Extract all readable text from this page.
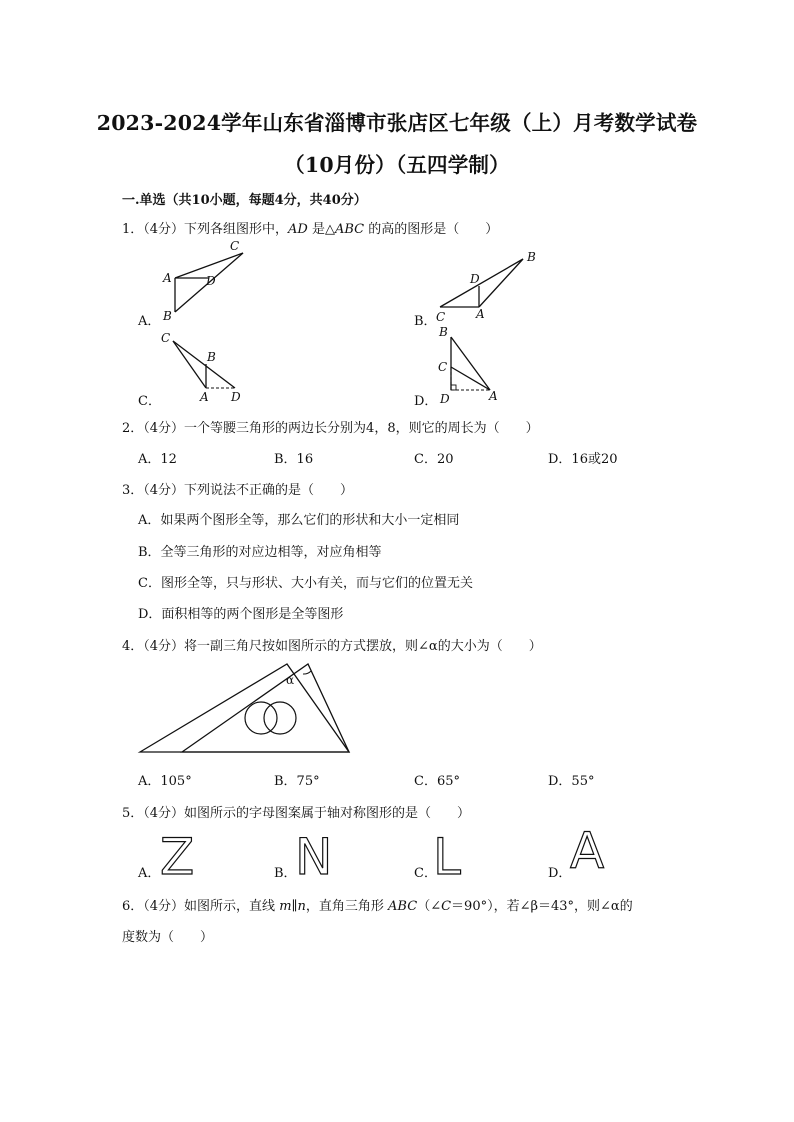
2023-2024学年山东省淄博市张店区七年级（上）月考数学试卷
（10月份）（五四学制）
一.单选（共10小题，每题4分，共40分）
1．（4分）下列各组图形中，AD 是△ABC 的高的图形是（　　）
A．
C
A	D
B	B．
B
D
C	A
C．
C
B
A D	D．
B
C
D	A
2．（4分）一个等腰三角形的两边长分别为4，8，则它的周长为（　　）
A．12	B．16	C．20	D．16或20
3．（4分）下列说法不正确的是（　　）
A．如果两个图形全等，那么它们的形状和大小一定相同
B．全等三角形的对应边相等，对应角相等
C．图形全等，只与形状、大小有关，而与它们的位置无关
D．面积相等的两个图形是全等图形
4．（4分）将一副三角尺按如图所示的方式摆放，则∠α的大小为（　　）
α
A．105°	B．75°	C．65°	D．55°
5．（4分）如图所示的字母图案属于轴对称图形的是（　　）
A． Z	B．
N	C．
L	D．
A
6．（4分）如图所示，直线 m∥n，直角三角形 ABC（∠C＝90°），若∠β＝43°，则∠α的
度数为（　　）
